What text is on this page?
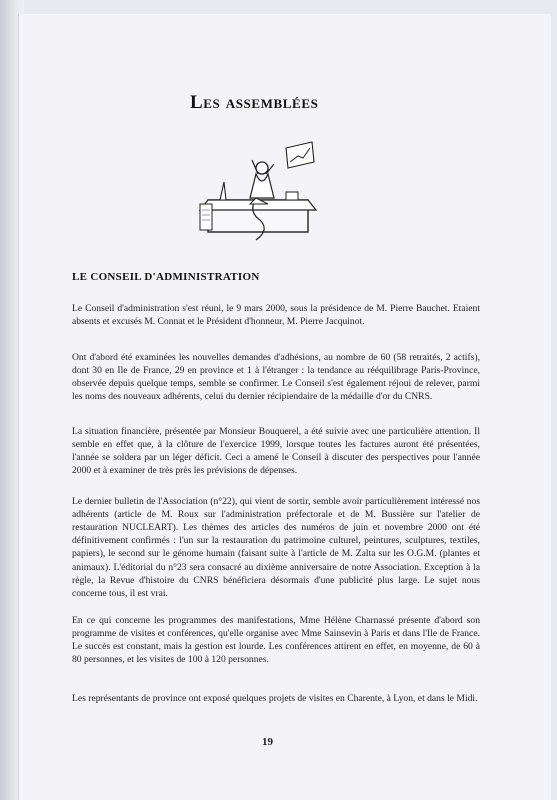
Les assemblées
LE CONSEIL D'ADMINISTRATION

Le Conseil d'administration s'est réuni, le 9 mars 2000, sous la présidence de M. Pierre Bauchet. Etaient absents et excusés M. Connat et le Président d'honneur, M. Pierre Jacquinot.

Ont d'abord été examinées les nouvelles demandes d'adhésions, au nombre de 60 (58 retraités, 2 actifs), dont 30 en Ile de France, 29 en province et 1 à l'étranger : la tendance au rééquilibrage Paris-Province, observée depuis quelque temps, semble se confirmer. Le Conseil s'est également réjoui de relever, parmi les noms des nouveaux adhérents, celui du dernier récipiendaire de la médaille d'or du CNRS.

La situation financière, présentée par Monsieur Bouquerel, a été suivie avec une particulière attention. Il semble en effet que, à la clôture de l'exercice 1999, lorsque toutes les factures auront été présentées, l'année se soldera par un léger déficit. Ceci a amené le Conseil à discuter des perspectives pour l'année 2000 et à examiner de très près les prévisions de dépenses.

Le dernier bulletin de l'Association (n°22), qui vient de sortir, semble avoir particulièrement intéressé nos adhérents (article de M. Roux sur l'administration préfectorale et de M. Bussière sur l'atelier de restauration NUCLEART). Les thèmes des articles des numéros de juin et novembre 2000 ont été définitivement confirmés : l'un sur la restauration du patrimoine culturel, peintures, sculptures, textiles, papiers), le second sur le génome humain (faisant suite à l'article de M. Zalta sur les O.G.M. (plantes et animaux). L'éditorial du n°23 sera consacré au dixième anniversaire de notre Association. Exception à la règle, la Revue d'histoire du CNRS bénéficiera désormais d'une publicité plus large. Le sujet nous concerne tous, il est vrai.

En ce qui concerne les programmes des manifestations, Mme Hélène Charnassé présente d'abord son programme de visites et conférences, qu'elle organise avec Mme Sainsevin à Paris et dans l'Ile de France. Le succès est constant, mais la gestion est lourde. Les conférences attirent en effet, en moyenne, de 60 à 80 personnes, et les visites de 100 à 120 personnes.

Les représentants de province ont exposé quelques projets de visites en Charente, à Lyon, et dans le Midi.

19
